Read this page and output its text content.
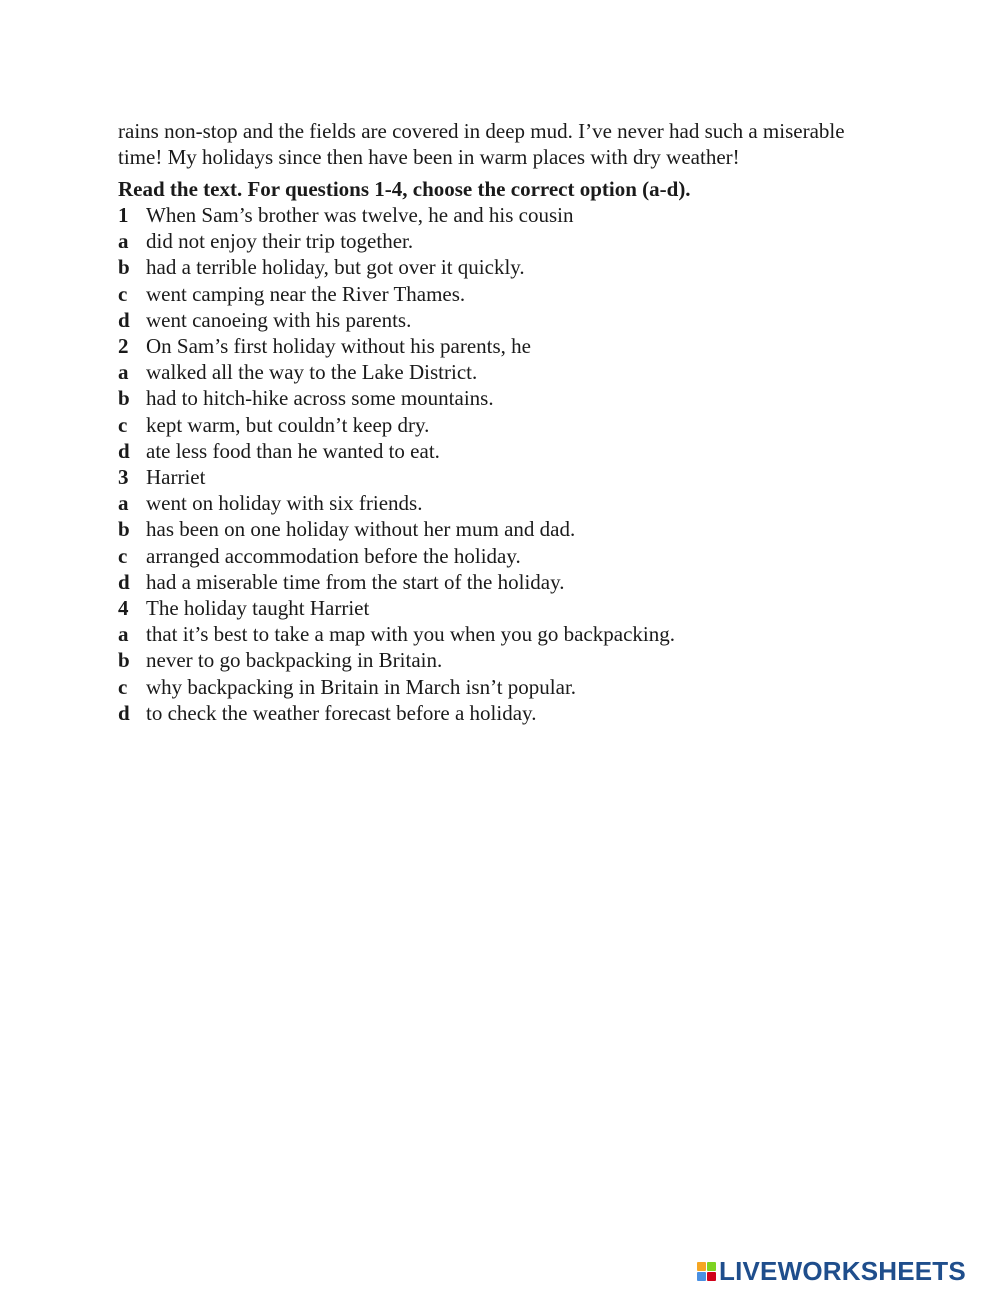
rains non-stop and the fields are covered in deep mud. I’ve never had such a miserable time! My holidays since then have been in warm places with dry weather!

Read the text. For questions 1-4, choose the correct option (a-d).

1 When Sam’s brother was twelve, he and his cousin
a did not enjoy their trip together.
b had a terrible holiday, but got over it quickly.
c went camping near the River Thames.
d went canoeing with his parents.
2 On Sam’s first holiday without his parents, he
a walked all the way to the Lake District.
b had to hitch-hike across some mountains.
c kept warm, but couldn’t keep dry.
d ate less food than he wanted to eat.
3 Harriet
a went on holiday with six friends.
b has been on one holiday without her mum and dad.
c arranged accommodation before the holiday.
d had a miserable time from the start of the holiday.
4 The holiday taught Harriet
a that it’s best to take a map with you when you go backpacking.
b never to go backpacking in Britain.
c why backpacking in Britain in March isn’t popular.
d to check the weather forecast before a holiday.
LIVEWORKSHEETS
